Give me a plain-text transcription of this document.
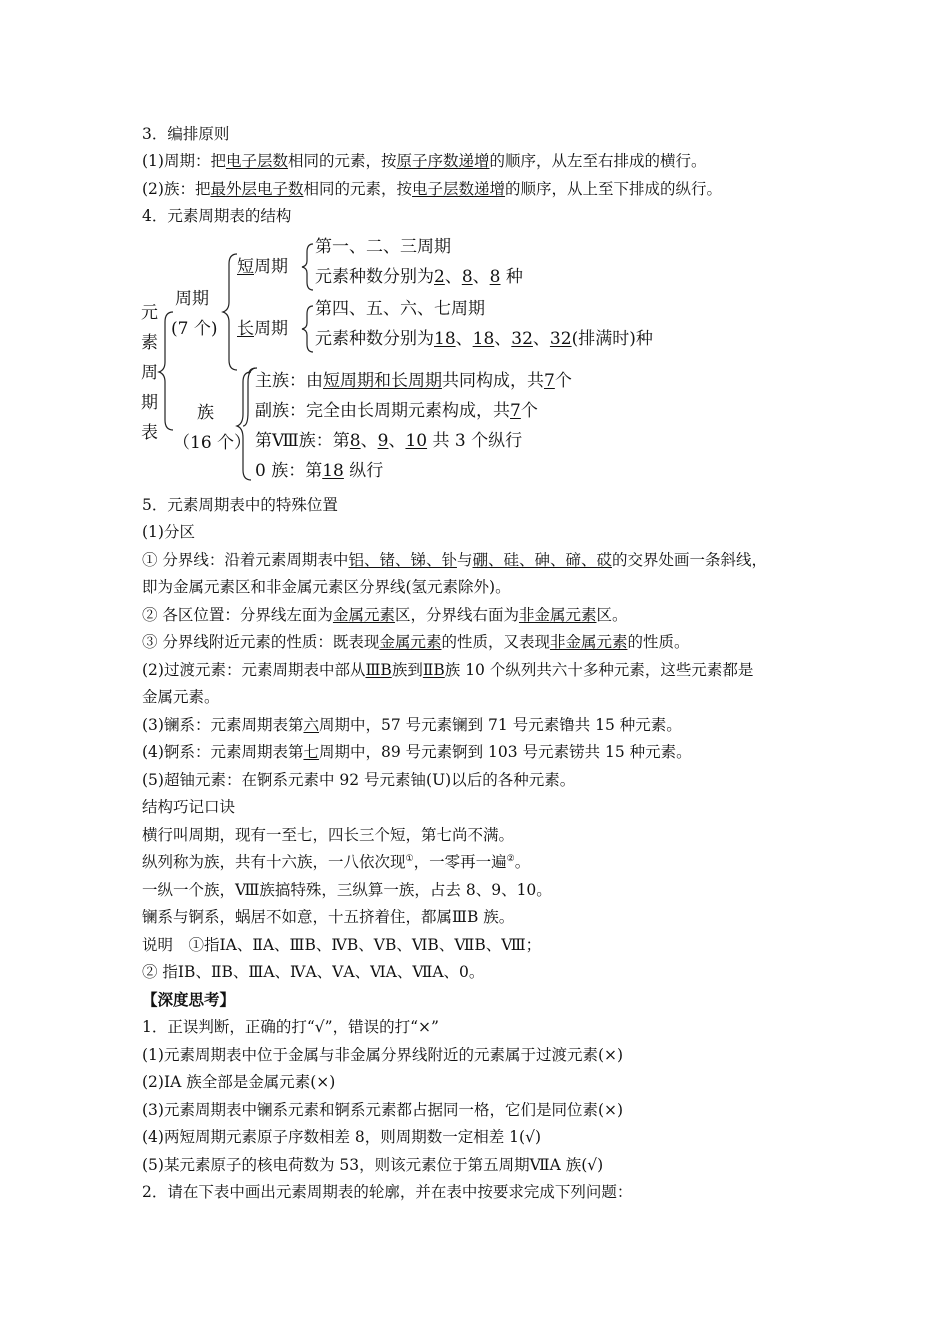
3．编排原则
(1)周期：把电子层数相同的元素，按原子序数递增的顺序，从左至右排成的横行。
(2)族：把最外层电子数相同的元素，按电子层数递增的顺序，从上至下排成的纵行。
4．元素周期表的结构
元
素
周
期
表
周期
(7 个)
短周期
第一、二、三周期
元素种数分别为2、8、8 种
长周期
第四、五、六、七周期
元素种数分别为18、18、32、32(排满时)种
族
（16 个）
主族：由短周期和长周期共同构成，共7个
副族：完全由长周期元素构成，共7个
第Ⅷ族：第8、9、10 共 3 个纵行
0 族：第18 纵行
5．元素周期表中的特殊位置
(1)分区
① 分界线：沿着元素周期表中铝、锗、锑、钋与硼、硅、砷、碲、砹的交界处画一条斜线，
即为金属元素区和非金属元素区分界线(氢元素除外)。
② 各区位置：分界线左面为金属元素区，分界线右面为非金属元素区。
③ 分界线附近元素的性质：既表现金属元素的性质，又表现非金属元素的性质。
(2)过渡元素：元素周期表中部从ⅢB族到ⅡB族 10 个纵列共六十多种元素，这些元素都是
金属元素。
(3)镧系：元素周期表第六周期中，57 号元素镧到 71 号元素镥共 15 种元素。
(4)锕系：元素周期表第七周期中，89 号元素锕到 103 号元素铹共 15 种元素。
(5)超铀元素：在锕系元素中 92 号元素铀(U)以后的各种元素。
结构巧记口诀
横行叫周期，现有一至七，四长三个短，第七尚不满。
纵列称为族，共有十六族，一八依次现①，一零再一遍②。
一纵一个族，Ⅷ族搞特殊，三纵算一族，占去 8、9、10。
镧系与锕系，蜗居不如意，十五挤着住，都属ⅢB 族。
说明　①指ⅠA、ⅡA、ⅢB、ⅣB、ⅤB、ⅥB、ⅦB、Ⅷ；
② 指ⅠB、ⅡB、ⅢA、ⅣA、ⅤA、ⅥA、ⅦA、0。
【深度思考】
1．正误判断，正确的打“√”，错误的打“×”
(1)元素周期表中位于金属与非金属分界线附近的元素属于过渡元素(×)
(2)ⅠA 族全部是金属元素(×)
(3)元素周期表中镧系元素和锕系元素都占据同一格，它们是同位素(×)
(4)两短周期元素原子序数相差 8，则周期数一定相差 1(√)
(5)某元素原子的核电荷数为 53，则该元素位于第五周期ⅦA 族(√)
2．请在下表中画出元素周期表的轮廓，并在表中按要求完成下列问题：
